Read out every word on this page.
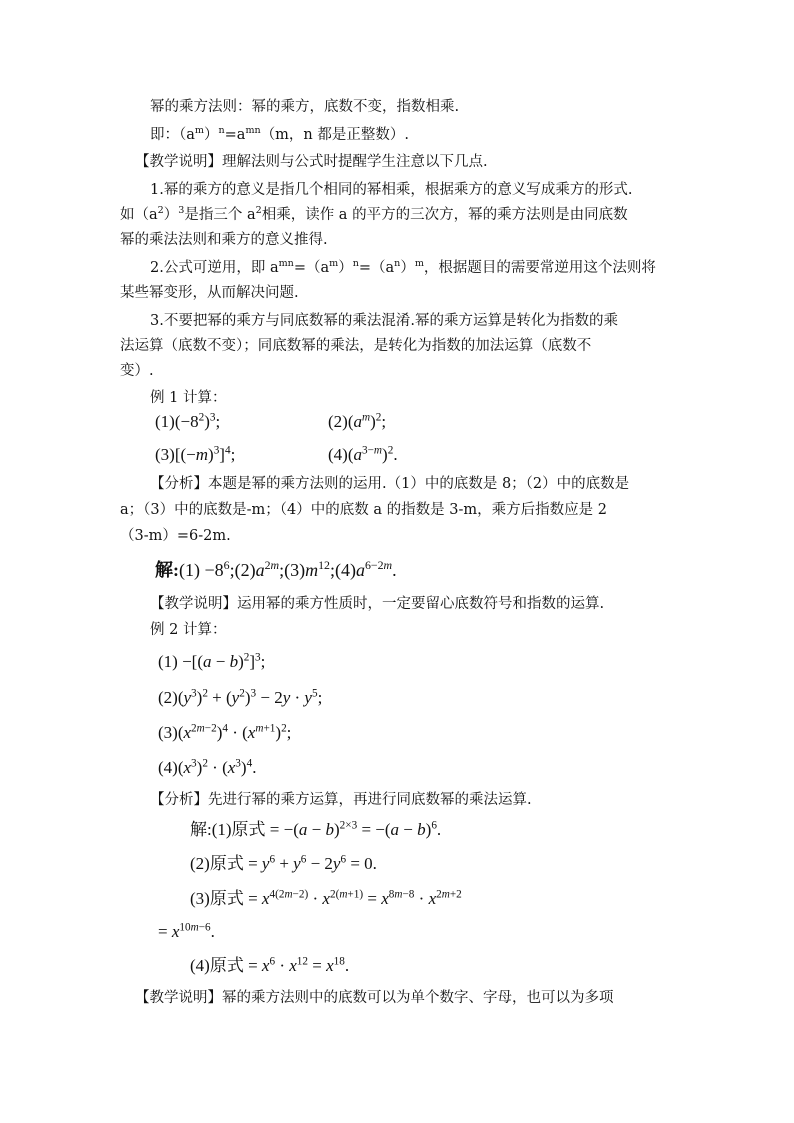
幂的乘方法则：幂的乘方，底数不变，指数相乘.
即：$(a^m)^n=a^{mn}(m$，n 都是正整数）.
【教学说明】理解法则与公式时提醒学生注意以下几点.
1.幂的乘方的意义是指几个相同的幂相乘，根据乘方的意义写成乘方的形式.
如$(a^2)^3$是指三个 $a^2$相乘，读作 a 的平方的三次方，幂的乘方法则是由同底数
幂的乘法法则和乘方的意义推得.
2.公式可逆用，即 $a^{mn}=(a^m)^n=(a^n)^m$，根据题目的需要常逆用这个法则将
某些幂变形，从而解决问题.
3.不要把幂的乘方与同底数幂的乘法混淆.幂的乘方运算是转化为指数的乘
法运算（底数不变）；同底数幂的乘法，是转化为指数的加法运算（底数不
变）.
例 1 计算：
$(1)(-8^2)^3$;	$(2)(a^m)^2$;
$(3)[(-m)^3]^4$;	$(4)(a^{3-m})^2$.
【分析】本题是幂的乘方法则的运用.（1）中的底数是 8；（2）中的底数是
a；（3）中的底数是-m；（4）中的底数 a 的指数是 3-m，乘方后指数应是 2
（3-m）=6-2m.
解:(1) $-8^6;(2)a^{2m};(3)m^{12};(4)a^{6-2m}$.
【教学说明】运用幂的乘方性质时，一定要留心底数符号和指数的运算.
例 2 计算：
$(1) -[(a - b)^2]^3$;
$(2)(y^3)^2 + (y^2)^3 - 2y \cdot y^5$;
$(3)(x^{2m-2})^4 \cdot (x^{m+1})^2$;
$(4)(x^3)^2 \cdot (x^3)^4$.
【分析】先进行幂的乘方运算，再进行同底数幂的乘法运算.
解:(1)原式 = $-(a - b)^{2\times 3} = -(a - b)^6$.
(2)原式 = $y^6 + y^6 - 2y^6 = 0$.
(3)原式 = $x^{4(2m-2)} \cdot x^{2(m+1)} = x^{8m-8} \cdot x^{2m+2}$
= $x^{10m-6}$.
(4)原式 = $x^6 \cdot x^{12} = x^{18}$.
【教学说明】幂的乘方法则中的底数可以为单个数字、字母，也可以为多项
